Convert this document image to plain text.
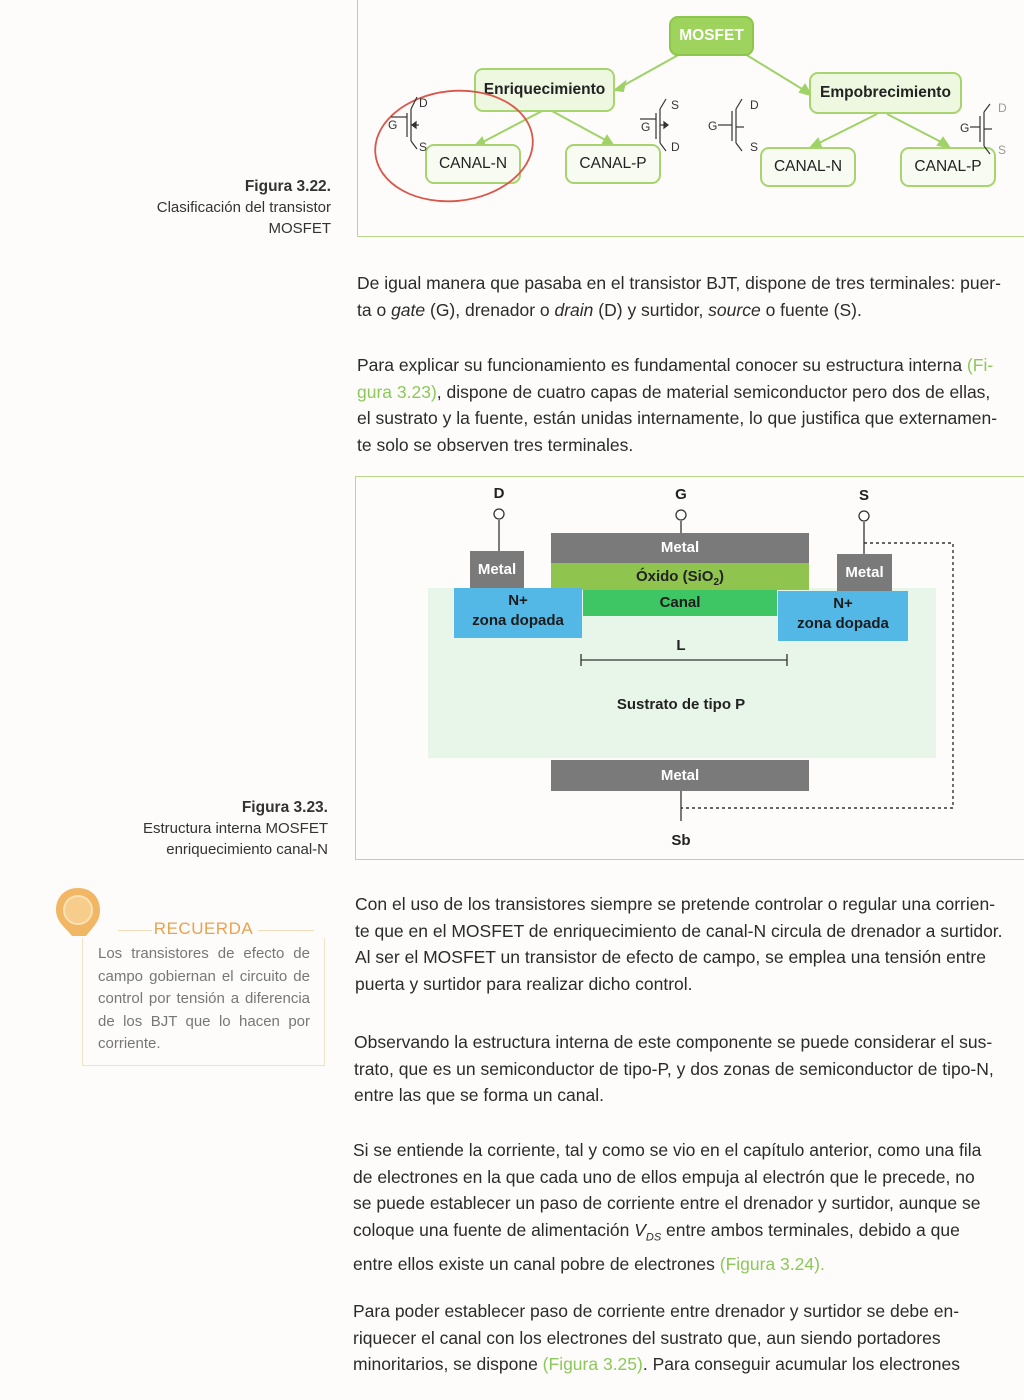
MOSFET
Enriquecimiento	Empobrecimiento
CANAL-N	CANAL-P	CANAL-N	CANAL-P
G
D
S
G
S
D
G
D
S
G
D
S
Figura 3.22.
Clasificación del transistor
MOSFET
De igual manera que pasaba en el transistor BJT, dispone de tres terminales: puer-
ta o gate (G), drenador o drain (D) y surtidor, source o fuente (S).
Para explicar su funcionamiento es fundamental conocer su estructura interna (Fi-
gura 3.23), dispone de cuatro capas de material semiconductor pero dos de ellas,
el sustrato y la fuente, están unidas internamente, lo que justifica que externamen-
te solo se observen tres terminales.
Sustrato de tipo P
Metal
Óxido (SiO$_2$)
Canal
Metal
N+
zona dopada
Metal
N+
zona dopada
Metal
D	G	S
Sb
L
Figura 3.23.
Estructura interna MOSFET
enriquecimiento canal-N
RECUERDA
Los transistores de efecto de campo gobiernan el circuito de control por tensión a diferencia de los BJT que lo hacen por corriente.
Con el uso de los transistores siempre se pretende controlar o regular una corrien-
te que en el MOSFET de enriquecimiento de canal-N circula de drenador a surtidor.
Al ser el MOSFET un transistor de efecto de campo, se emplea una tensión entre
puerta y surtidor para realizar dicho control.
Observando la estructura interna de este componente se puede considerar el sus-
trato, que es un semiconductor de tipo-P, y dos zonas de semiconductor de tipo-N,
entre las que se forma un canal.
Si se entiende la corriente, tal y como se vio en el capítulo anterior, como una fila
de electrones en la que cada uno de ellos empuja al electrón que le precede, no
se puede establecer un paso de corriente entre el drenador y surtidor, aunque se
coloque una fuente de alimentación $V_{DS}$ entre ambos terminales, debido a que
entre ellos existe un canal pobre de electrones (Figura 3.24).
Para poder establecer paso de corriente entre drenador y surtidor se debe en-
riquecer el canal con los electrones del sustrato que, aun siendo portadores
minoritarios, se dispone (Figura 3.25). Para conseguir acumular los electrones
